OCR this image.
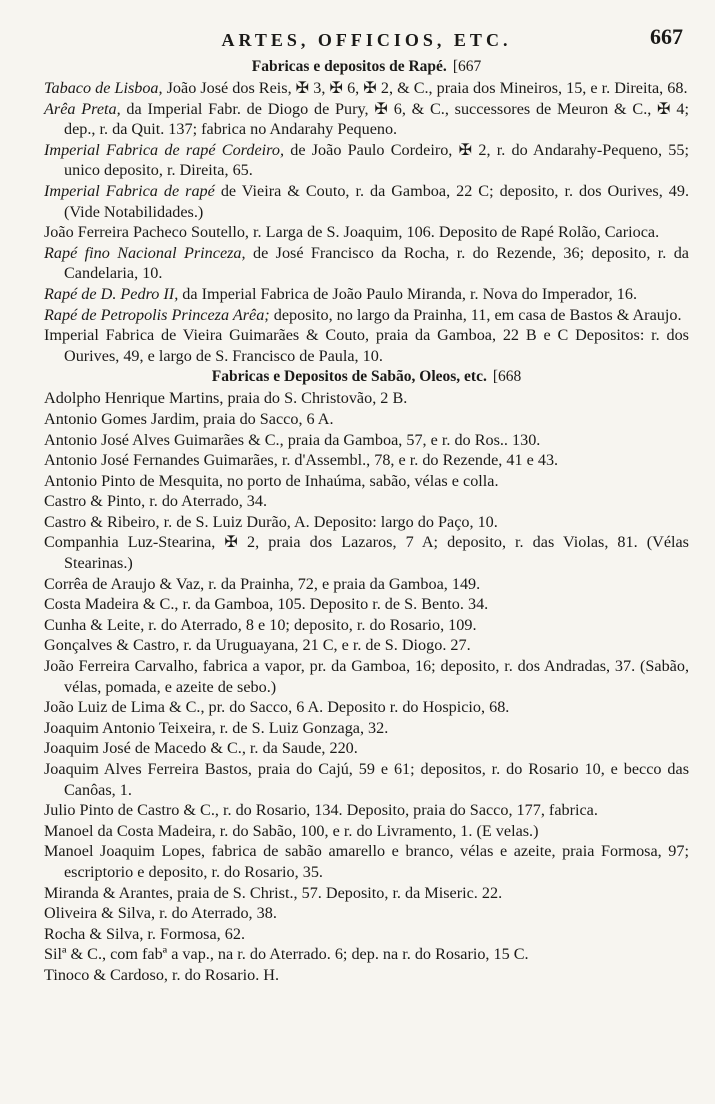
ARTES, OFFICIOS, ETC.	667
Fabricas e depositos de Rapé. [667
Tabaco de Lisboa, João José dos Reis, ✠ 3, ✠ 6, ✠ 2, & C., praia dos Mineiros, 15, e r. Direita, 68.
Arêa Preta, da Imperial Fabr. de Diogo de Pury, ✠ 6, & C., successores de Meuron & C., ✠ 4; dep., r. da Quit. 137; fabrica no Andarahy Pequeno.
Imperial Fabrica de rapé Cordeiro, de João Paulo Cordeiro, ✠ 2, r. do Andarahy-Pequeno, 55; unico deposito, r. Direita, 65.
Imperial Fabrica de rapé de Vieira & Couto, r. da Gamboa, 22 C; deposito, r. dos Ourives, 49. (Vide Notabilidades.)
João Ferreira Pacheco Soutello, r. Larga de S. Joaquim, 106. Deposito de Rapé Rolão, Carioca.
Rapé fino Nacional Princeza, de José Francisco da Rocha, r. do Rezende, 36; deposito, r. da Candelaria, 10.
Rapé de D. Pedro II, da Imperial Fabrica de João Paulo Miranda, r. Nova do Imperador, 16.
Rapé de Petropolis Princeza Arêa; deposito, no largo da Prainha, 11, em casa de Bastos & Araujo.
Imperial Fabrica de Vieira Guimarães & Couto, praia da Gamboa, 22 B e C Depositos: r. dos Ourives, 49, e largo de S. Francisco de Paula, 10.
Fabricas e Depositos de Sabão, Oleos, etc. [668
Adolpho Henrique Martins, praia do S. Christovão, 2 B.
Antonio Gomes Jardim, praia do Sacco, 6 A.
Antonio José Alves Guimarães & C., praia da Gamboa, 57, e r. do Ros.. 130.
Antonio José Fernandes Guimarães, r. d'Assembl., 78, e r. do Rezende, 41 e 43.
Antonio Pinto de Mesquita, no porto de Inhaúma, sabão, vélas e colla.
Castro & Pinto, r. do Aterrado, 34.
Castro & Ribeiro, r. de S. Luiz Durão, A. Deposito: largo do Paço, 10.
Companhia Luz-Stearina, ✠ 2, praia dos Lazaros, 7 A; deposito, r. das Violas, 81. (Vélas Stearinas.)
Corrêa de Araujo & Vaz, r. da Prainha, 72, e praia da Gamboa, 149.
Costa Madeira & C., r. da Gamboa, 105. Deposito r. de S. Bento. 34.
Cunha & Leite, r. do Aterrado, 8 e 10; deposito, r. do Rosario, 109.
Gonçalves & Castro, r. da Uruguayana, 21 C, e r. de S. Diogo. 27.
João Ferreira Carvalho, fabrica a vapor, pr. da Gamboa, 16; deposito, r. dos Andradas, 37. (Sabão, vélas, pomada, e azeite de sebo.)
João Luiz de Lima & C., pr. do Sacco, 6 A. Deposito r. do Hospicio, 68.
Joaquim Antonio Teixeira, r. de S. Luiz Gonzaga, 32.
Joaquim José de Macedo & C., r. da Saude, 220.
Joaquim Alves Ferreira Bastos, praia do Cajú, 59 e 61; depositos, r. do Rosario 10, e becco das Canôas, 1.
Julio Pinto de Castro & C., r. do Rosario, 134. Deposito, praia do Sacco, 177, fabrica.
Manoel da Costa Madeira, r. do Sabão, 100, e r. do Livramento, 1. (E velas.)
Manoel Joaquim Lopes, fabrica de sabão amarello e branco, vélas e azeite, praia Formosa, 97; escriptorio e deposito, r. do Rosario, 35.
Miranda & Arantes, praia de S. Christ., 57. Deposito, r. da Miseric. 22.
Oliveira & Silva, r. do Aterrado, 38.
Rocha & Silva, r. Formosa, 62.
Silª & C., com fabª a vap., na r. do Aterrado. 6; dep. na r. do Rosario, 15 C.
Tinoco & Cardoso, r. do Rosario. H.
